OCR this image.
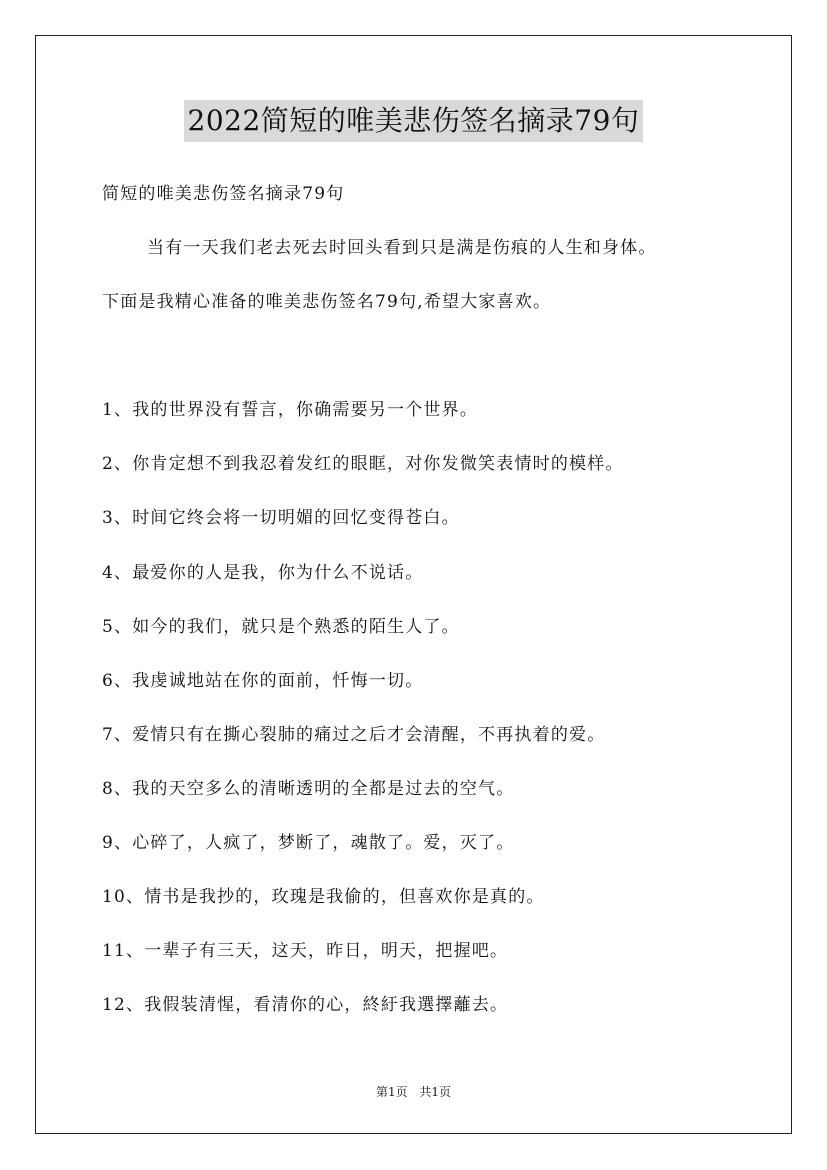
2022简短的唯美悲伤签名摘录79句
简短的唯美悲伤签名摘录79句
当有一天我们老去死去时回头看到只是满是伤痕的人生和身体。
下面是我精心准备的唯美悲伤签名79句,希望大家喜欢。
1、我的世界没有誓言，你确需要另一个世界。
2、你肯定想不到我忍着发红的眼眶，对你发微笑表情时的模样。
3、时间它终会将一切明媚的回忆变得苍白。
4、最爱你的人是我，你为什么不说话。
5、如今的我们，就只是个熟悉的陌生人了。
6、我虔诚地站在你的面前，忏悔一切。
7、爱情只有在撕心裂肺的痛过之后才会清醒，不再执着的爱。
8、我的天空多么的清晰透明的全都是过去的空气。
9、心碎了，人疯了，梦断了，魂散了。爱，灭了。
10、情书是我抄的，玫瑰是我偷的，但喜欢你是真的。
11、一辈子有三天，这天，昨日，明天，把握吧。
12、我假装清惺，看清你的心，終紆我選擇蘺去。
第1页 共1页
